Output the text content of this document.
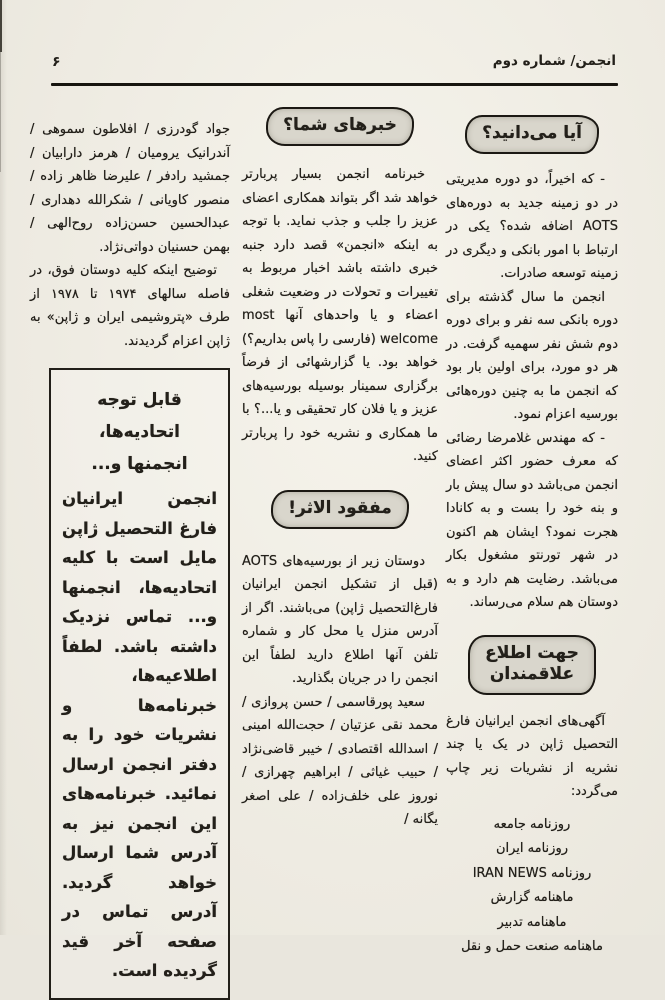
۶	انجمن/ شماره دوم
آیا می‌دانید؟

- که اخیراً، دو دوره مدیریتی در دو زمینه جدید به دوره‌های AOTS اضافه شده؟ یکی در ارتباط با امور بانکی و دیگری در زمینه توسعه صادرات.

انجمن ما سال گذشته برای دوره بانکی سه نفر و برای دوره دوم شش نفر سهمیه گرفت. در هر دو مورد، برای اولین بار بود که انجمن ما به چنین دوره‌هائی بورسیه اعزام نمود.

- که مهندس غلامرضا رضائی که معرف حضور اکثر اعضای انجمن می‌باشد دو سال پیش بار و بنه خود را بست و به کانادا هجرت نمود؟ ایشان هم اکنون در شهر تورنتو مشغول بکار می‌باشد. رضایت هم دارد و به دوستان هم سلام می‌رساند.

جهت اطلاع
علاقمندان

آگهی‌های انجمن ایرانیان فارغ التحصیل ژاپن در یک یا چند نشریه از نشریات زیر چاپ می‌گردد:

روزنامه جامعه
روزنامه ایران
روزنامه IRAN NEWS
ماهنامه گزارش
ماهنامه تدبیر
ماهنامه صنعت حمل و نقل
خبرهای شما؟

خبرنامه انجمن بسیار پربارتر خواهد شد اگر بتواند همکاری اعضای عزیز را جلب و جذب نماید. با توجه به اینکه «انجمن» قصد دارد جنبه خبری داشته باشد اخبار مربوط به تغییرات و تحولات در وضعیت شغلی اعضاء و یا واحدهای آنها most welcome (فارسی را پاس بداریم؟) خواهد بود. یا گزارشهائی از فرضاً برگزاری سمینار بوسیله بورسیه‌های عزیز و یا فلان کار تحقیقی و یا...؟ با ما همکاری و نشریه خود را پربارتر کنید.

مفقود الاثر!

دوستان زیر از بورسیه‌های AOTS (قبل از تشکیل انجمن ایرانیان فارغ‌التحصیل ژاپن) می‌باشند. اگر از آدرس منزل یا محل کار و شماره تلفن آنها اطلاع دارید لطفاً این انجمن را در جریان بگذارید.

سعید پورقاسمی / حسن پروازی / محمد نقی عزتیان / حجت‌الله امینی / اسدالله اقتصادی / خیبر قاضی‌نژاد / حبیب غیاثی / ابراهیم چهرازی / نوروز علی خلف‌زاده / علی اصغر یگانه /

جواد گودرزی / افلاطون سموهی / آندرانیک یرومیان / هرمز دارابیان / جمشید رادفر / علیرضا ظاهر زاده / منصور کاویانی / شکرالله دهداری / عبدالحسین حسن‌زاده روح‌الهی / بهمن حسنیان دواتی‌نژاد.

توضیح اینکه کلیه دوستان فوق، در فاصله سالهای ۱۹۷۴ تا ۱۹۷۸ از طرف «پتروشیمی ایران و ژاپن» به ژاپن اعزام گردیدند.

قابل توجه اتحادیه‌ها،
انجمنها و...
انجمن ایرانیان فارغ التحصیل ژاپن مایل است با کلیه اتحادیه‌ها، انجمنها و... تماس نزدیک داشته باشد. لطفاً اطلاعیه‌ها، خبرنامه‌ها و نشریات خود را به دفتر انجمن ارسال نمائید. خبرنامه‌های این انجمن نیز به آدرس شما ارسال خواهد گردید. آدرس تماس در صفحه آخر قید گردیده است.
